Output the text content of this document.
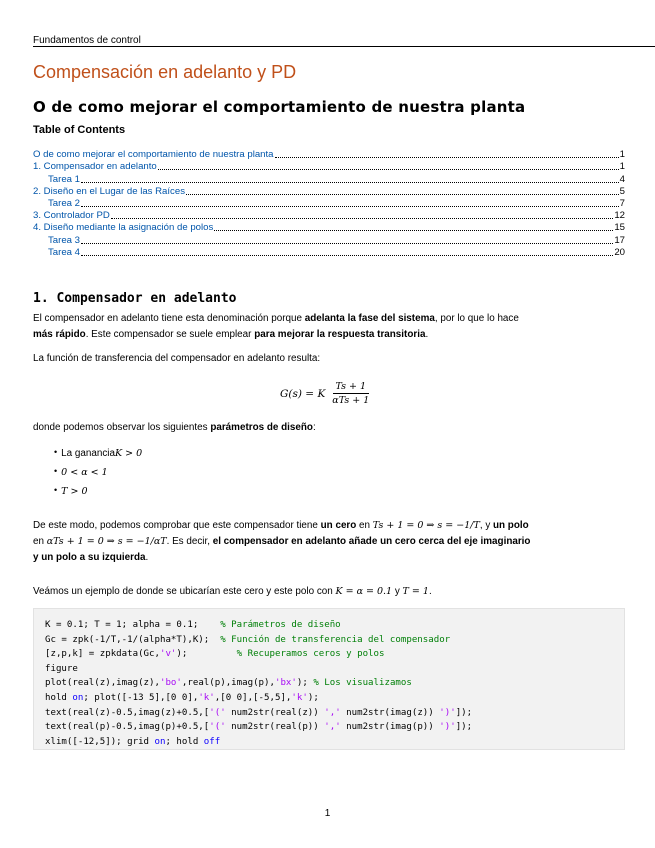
Fundamentos de control
Compensación en adelanto y PD
O de como mejorar el comportamiento de nuestra planta
Table of Contents
O de como mejorar el comportamiento de nuestra planta	1
1. Compensador en adelanto	1
Tarea 1	4
2. Diseño en el Lugar de las Raíces	5
Tarea 2	7
3. Controlador PD	12
4. Diseño mediante la asignación de polos	15
Tarea 3	17
Tarea 4	20
1. Compensador en adelanto
El compensador en adelanto tiene esta denominación porque adelanta la fase del sistema, por lo que lo hace
más rápido. Este compensador se suele emplear para mejorar la respuesta transitoria.
La función de transferencia del compensador en adelanto resulta:
G(s) = K $\frac{Ts + 1}{\text{αTs + 1}}$
donde podemos observar los siguientes parámetros de diseño:
• La ganancia K > 0
• 0 < α < 1
• T > 0
De este modo, podemos comprobar que este compensador tiene un cero en Ts + 1 = 0 ⇒ s = −1/T, y un polo
en αTs + 1 = 0 ⇒ s = −1/αT. Es decir, el compensador en adelanto añade un cero cerca del eje imaginario
y un polo a su izquierda.
Veámos un ejemplo de donde se ubicarían este cero y este polo con K = α = 0.1 y T = 1.
K = 0.1; T = 1; alpha = 0.1;    % Parámetros de diseño
Gc = zpk(-1/T,-1/(alpha*T),K);  % Función de transferencia del compensador
[z,p,k] = zpkdata(Gc,'v');         % Recuperamos ceros y polos
figure
plot(real(z),imag(z),'bo',real(p),imag(p),'bx'); % Los visualizamos
hold on; plot([-13 5],[0 0],'k',[0 0],[-5,5],'k');
text(real(z)-0.5,imag(z)+0.5,['(' num2str(real(z)) ',' num2str(imag(z)) ')']);
text(real(p)-0.5,imag(p)+0.5,['(' num2str(real(p)) ',' num2str(imag(p)) ')']);
xlim([-12,5]); grid on; hold off
1
